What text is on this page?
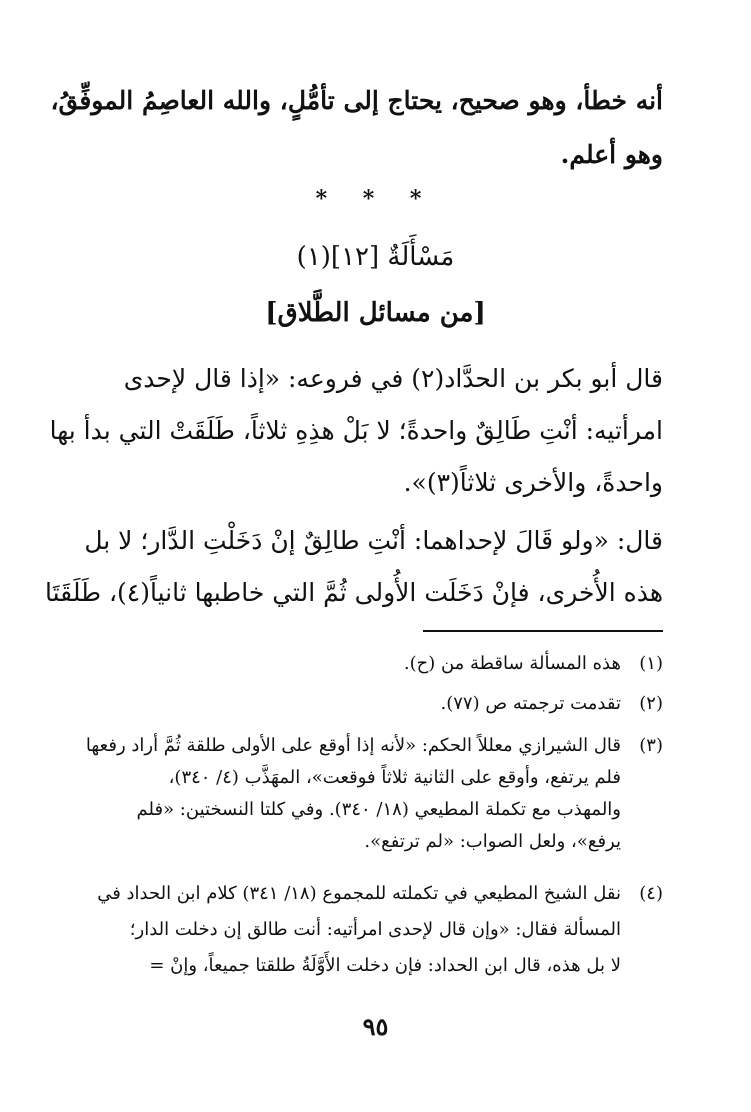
أنه خطأ، وهو صحيح، يحتاج إلى تأمُّلٍ، والله العاصِمُ الموفِّقُ،
وهو أعلم.
* * *
مَسْأَلَةٌ [١٢](١)
[من مسائل الطَّلاق]
قال أبو بكر بن الحدَّاد(٢) في فروعه: «إذا قال لإحدى
امرأتيه: أنْتِ طَالِقٌ واحدةً؛ لا بَلْ هذِهِ ثلاثاً، طَلَقَتْ التي بدأ بها
واحدةً، والأخرى ثلاثاً(٣)».
قال: «ولو قَالَ لإحداهما: أنْتِ طالِقٌ إنْ دَخَلْتِ الدَّار؛ لا بل
هذه الأُخرى، فإنْ دَخَلَت الأُولى ثُمَّ التي خاطبها ثانياً(٤)، طَلَقَتَا
(١)هذه المسألة ساقطة من (ح).
(٢)تقدمت ترجمته ص (٧٧).
(٣)قال الشيرازي معللاً الحكم: «لأنه إذا أوقع على الأولى طلقة ثُمَّ أراد رفعها
فلم يرتفع، وأوقع على الثانية ثلاثاً فوقعت»، المهَذَّب (٤/ ٣٤٠)،
والمهذب مع تكملة المطيعي (١٨/ ٣٤٠). وفي كلتا النسختين: «فلم
يرفع»، ولعل الصواب: «لم ترتفع».
(٤)نقل الشيخ المطيعي في تكملته للمجموع (١٨/ ٣٤١) كلام ابن الحداد في
المسألة فقال: «وإن قال لإحدى امرأتيه: أنت طالق إن دخلت الدار؛
لا بل هذه، قال ابن الحداد: فإن دخلت الأَوَّلَةُ طلقتا جميعاً، وإنْ =
٩٥
